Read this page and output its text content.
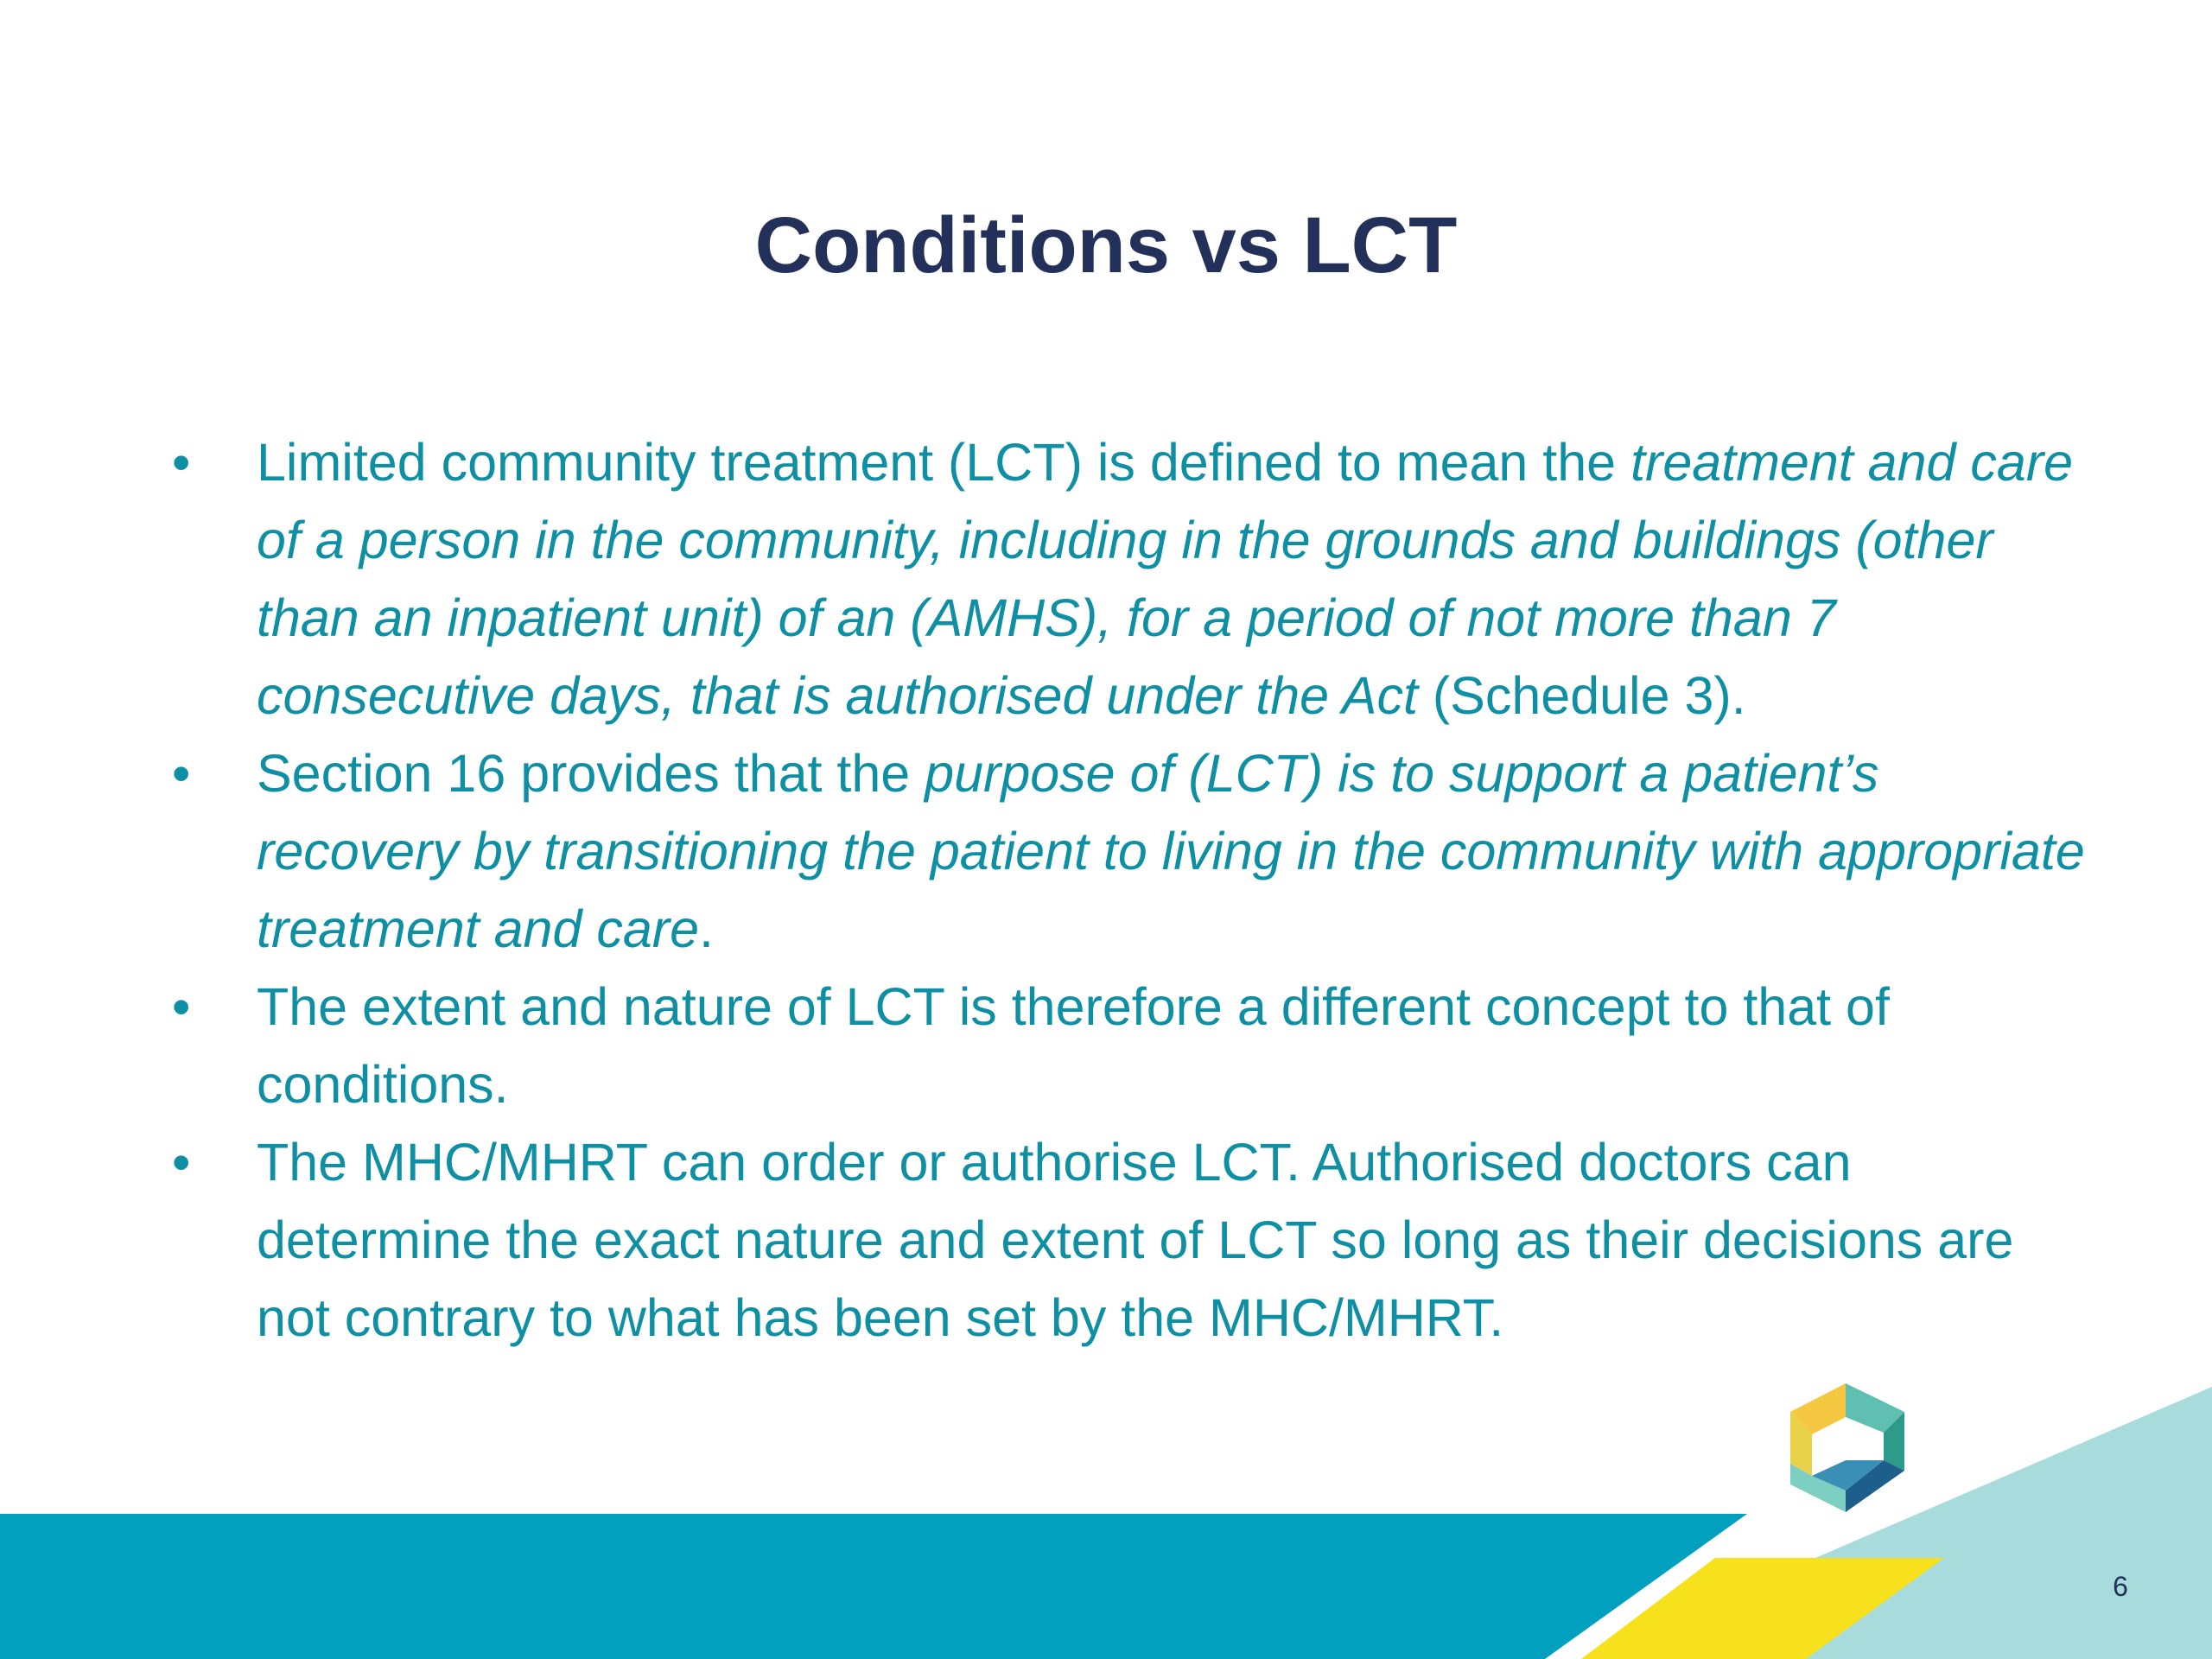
Conditions vs LCT
• Limited community treatment (LCT) is defined to mean the treatment and care of a person in the community, including in the grounds and buildings (other than an inpatient unit) of an (AMHS), for a period of not more than 7 consecutive days, that is authorised under the Act (Schedule 3).
• Section 16 provides that the purpose of (LCT) is to support a patient’s recovery by transitioning the patient to living in the community with appropriate treatment and care.
• The extent and nature of LCT is therefore a different concept to that of conditions.
• The MHC/MHRT can order or authorise LCT. Authorised doctors can determine the exact nature and extent of LCT so long as their decisions are not contrary to what has been set by the MHC/MHRT.
6
